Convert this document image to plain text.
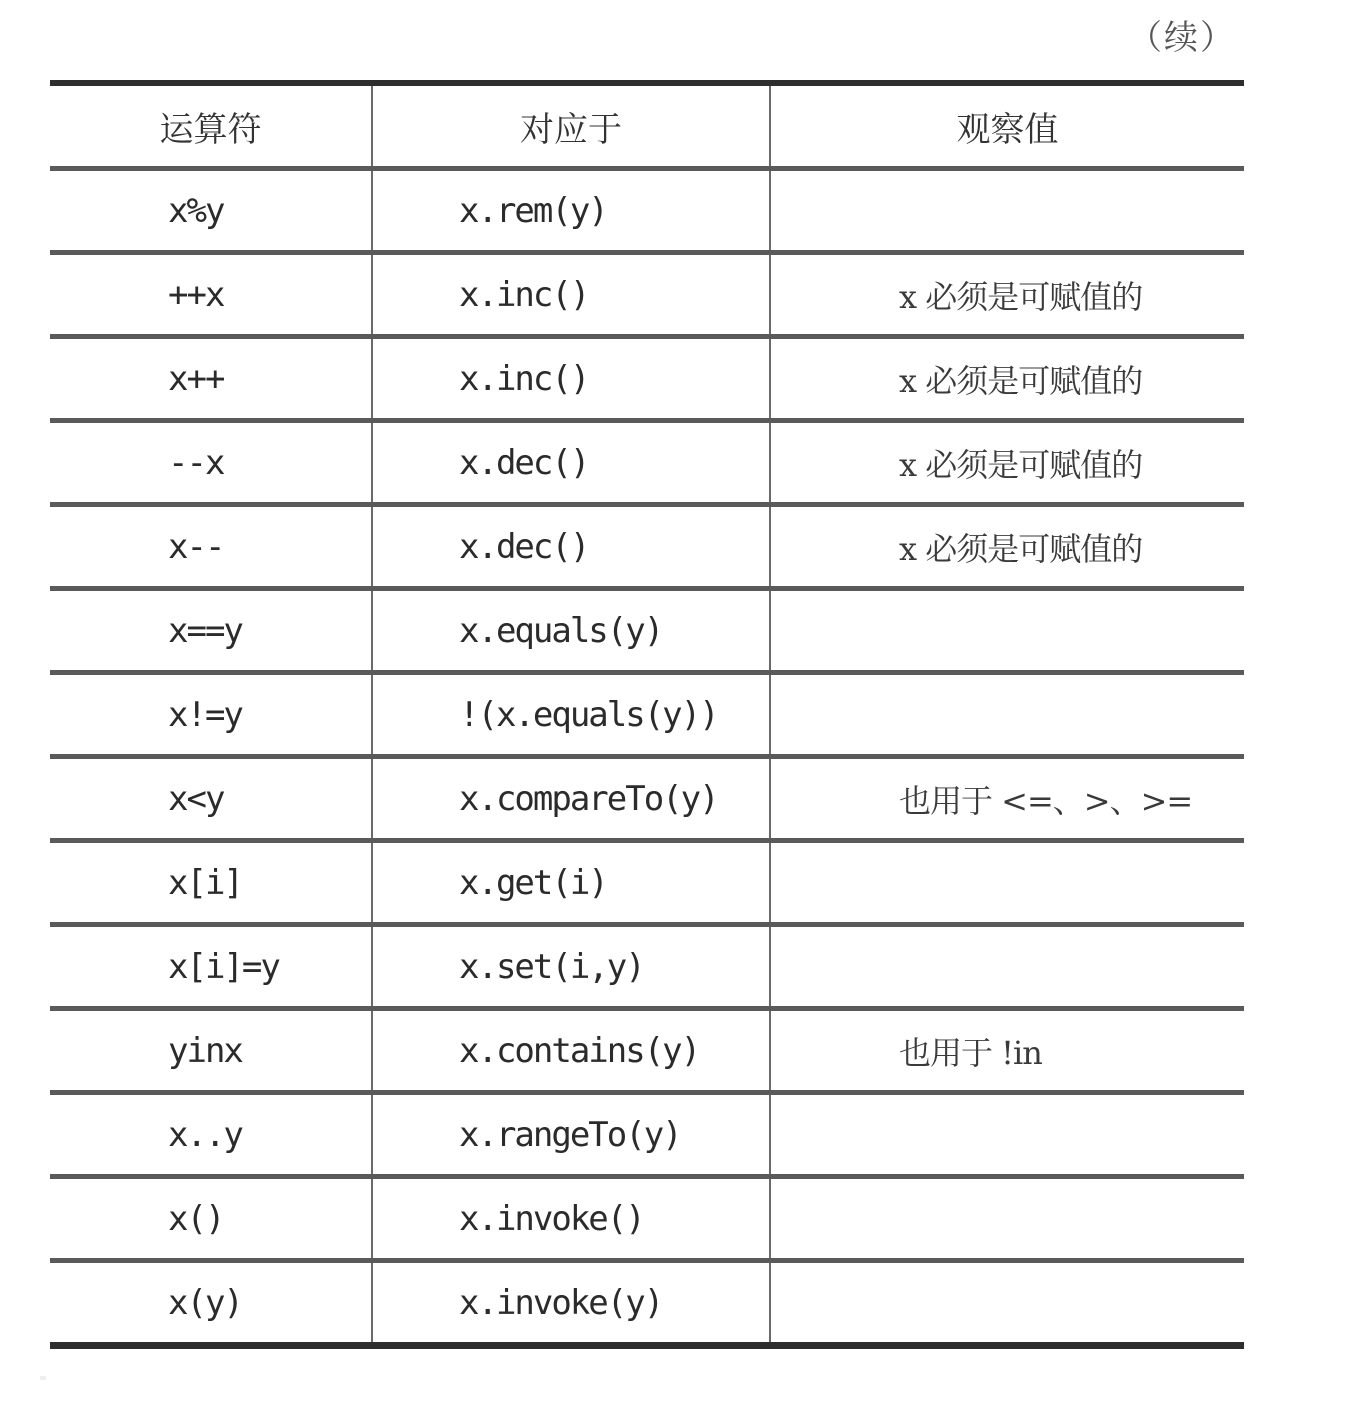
（续）
运算符	对应于	观察值
x%y	x.rem(y)	
++x	x.inc()	x 必须是可赋值的
x++	x.inc()	x 必须是可赋值的
--x	x.dec()	x 必须是可赋值的
x--	x.dec()	x 必须是可赋值的
x==y	x.equals(y)	
x!=y	!(x.equals(y))	
x<y	x.compareTo(y)	也用于 <=、>、>=
x[i]	x.get(i)	
x[i]=y	x.set(i,y)	
yinx	x.contains(y)	也用于 !in
x..y	x.rangeTo(y)	
x()	x.invoke()	
x(y)	x.invoke(y)	
